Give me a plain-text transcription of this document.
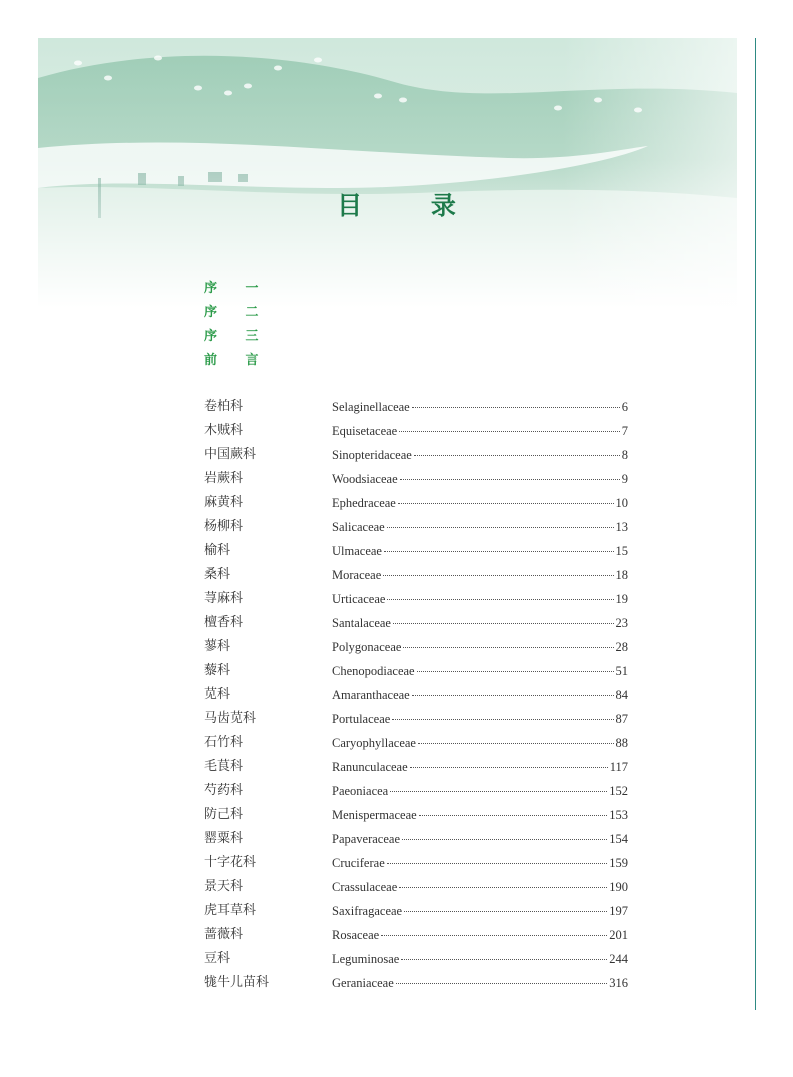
目 录
序 一
序 二
序 三
前 言
卷柏科	Selaginellaceae	6
木贼科	Equisetaceae	7
中国蕨科	Sinopteridaceae	8
岩蕨科	Woodsiaceae	9
麻黄科	Ephedraceae	10
杨柳科	Salicaceae	13
榆科	Ulmaceae	15
桑科	Moraceae	18
荨麻科	Urticaceae	19
檀香科	Santalaceae	23
蓼科	Polygonaceae	28
藜科	Chenopodiaceae	51
苋科	Amaranthaceae	84
马齿苋科	Portulaceae	87
石竹科	Caryophyllaceae	88
毛茛科	Ranunculaceae	117
芍药科	Paeoniacea	152
防己科	Menispermaceae	153
罂粟科	Papaveraceae	154
十字花科	Cruciferae	159
景天科	Crassulaceae	190
虎耳草科	Saxifragaceae	197
蔷薇科	Rosaceae	201
豆科	Leguminosae	244
牻牛儿苗科	Geraniaceae	316
